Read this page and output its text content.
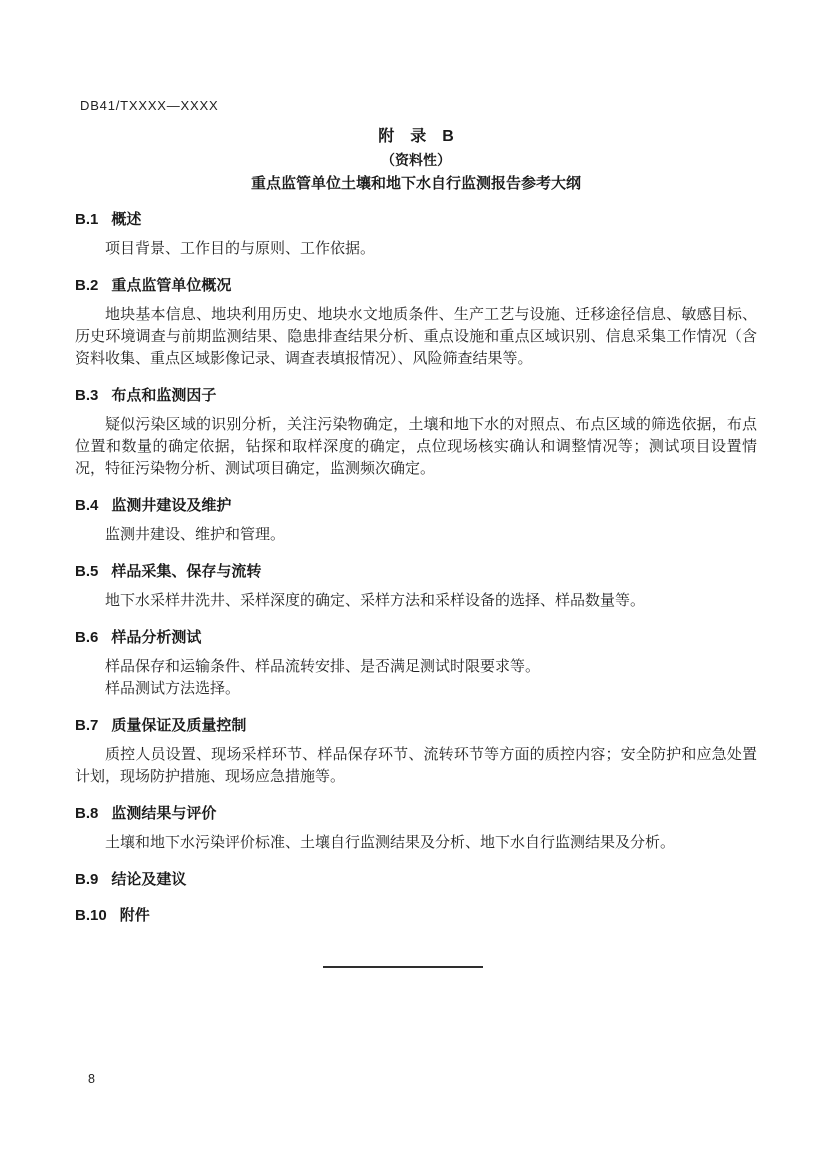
DB41/TXXXX—XXXX

附　录　B

（资料性）

重点监管单位土壤和地下水自行监测报告参考大纲

B.1 概述

项目背景、工作目的与原则、工作依据。

B.2 重点监管单位概况

地块基本信息、地块利用历史、地块水文地质条件、生产工艺与设施、迁移途径信息、敏感目标、历史环境调查与前期监测结果、隐患排查结果分析、重点设施和重点区域识别、信息采集工作情况（含资料收集、重点区域影像记录、调查表填报情况）、风险筛查结果等。

B.3 布点和监测因子

疑似污染区域的识别分析，关注污染物确定，土壤和地下水的对照点、布点区域的筛选依据，布点位置和数量的确定依据，钻探和取样深度的确定，点位现场核实确认和调整情况等；测试项目设置情况，特征污染物分析、测试项目确定，监测频次确定。

B.4 监测井建设及维护

监测井建设、维护和管理。

B.5 样品采集、保存与流转

地下水采样井洗井、采样深度的确定、采样方法和采样设备的选择、样品数量等。

B.6 样品分析测试

样品保存和运输条件、样品流转安排、是否满足测试时限要求等。

样品测试方法选择。

B.7 质量保证及质量控制

质控人员设置、现场采样环节、样品保存环节、流转环节等方面的质控内容；安全防护和应急处置计划，现场防护措施、现场应急措施等。

B.8 监测结果与评价

土壤和地下水污染评价标准、土壤自行监测结果及分析、地下水自行监测结果及分析。

B.9 结论及建议

B.10 附件

8
